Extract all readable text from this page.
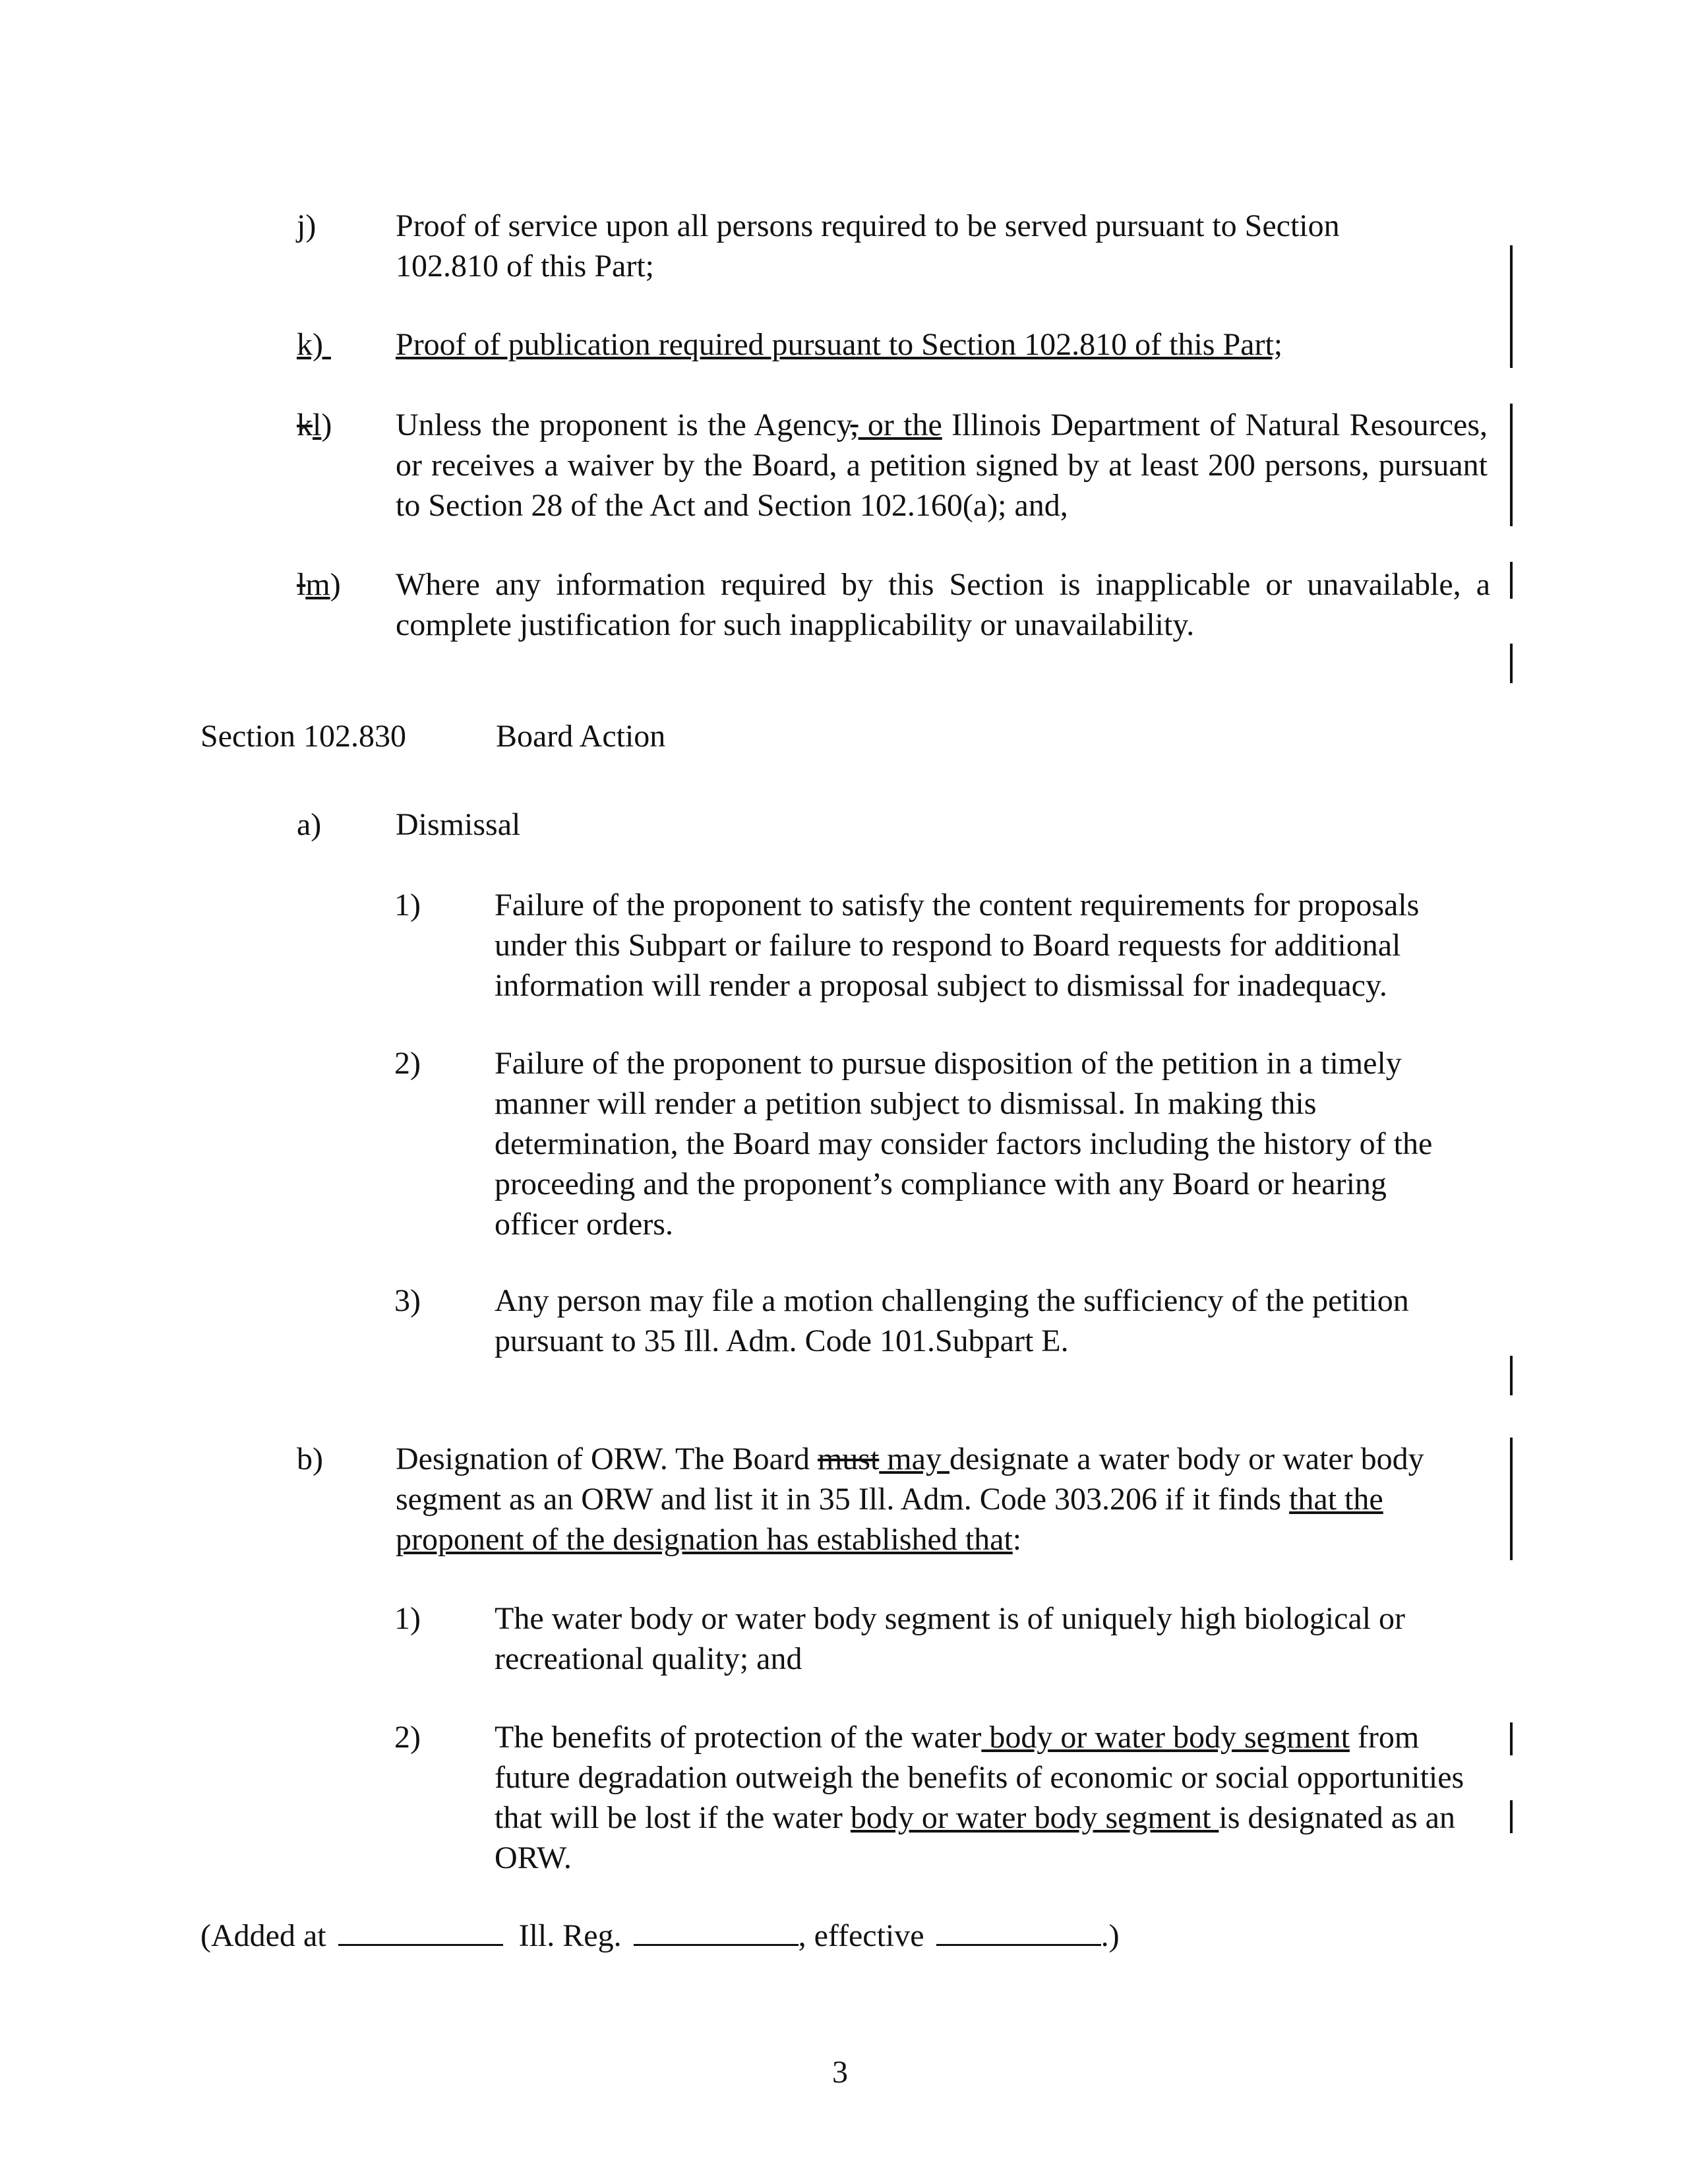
j)	Proof of service upon all persons required to be served pursuant to Section
102.810 of this Part;
k)	Proof of publication required pursuant to Section 102.810 of this Part;
kl) Unless the proponent is the Agency, or the Illinois Department of Natural Resources, or receives a waiver by the Board, a petition signed by at least 200 persons, pursuant to Section 28 of the Act and Section 102.160(a); and,
lm) Where any information required by this Section is inapplicable or unavailable, a complete justification for such inapplicability or unavailability.
Section 102.830	Board Action
a) Dismissal
1) Failure of the proponent to satisfy the content requirements for proposals under this Subpart or failure to respond to Board requests for additional information will render a proposal subject to dismissal for inadequacy.
2) Failure of the proponent to pursue disposition of the petition in a timely manner will render a petition subject to dismissal. In making this determination, the Board may consider factors including the history of the proceeding and the proponent’s compliance with any Board or hearing officer orders.
3) Any person may file a motion challenging the sufficiency of the petition pursuant to 35 Ill. Adm. Code 101.Subpart E.
b) Designation of ORW. The Board must may designate a water body or water body segment as an ORW and list it in 35 Ill. Adm. Code 303.206 if it finds that the proponent of the designation has established that:
1) The water body or water body segment is of uniquely high biological or recreational quality; and
2) The benefits of protection of the water body or water body segment from future degradation outweigh the benefits of economic or social opportunities that will be lost if the water body or water body segment is designated as an ORW.
(Added at	Ill. Reg.	, effective	.)
3
